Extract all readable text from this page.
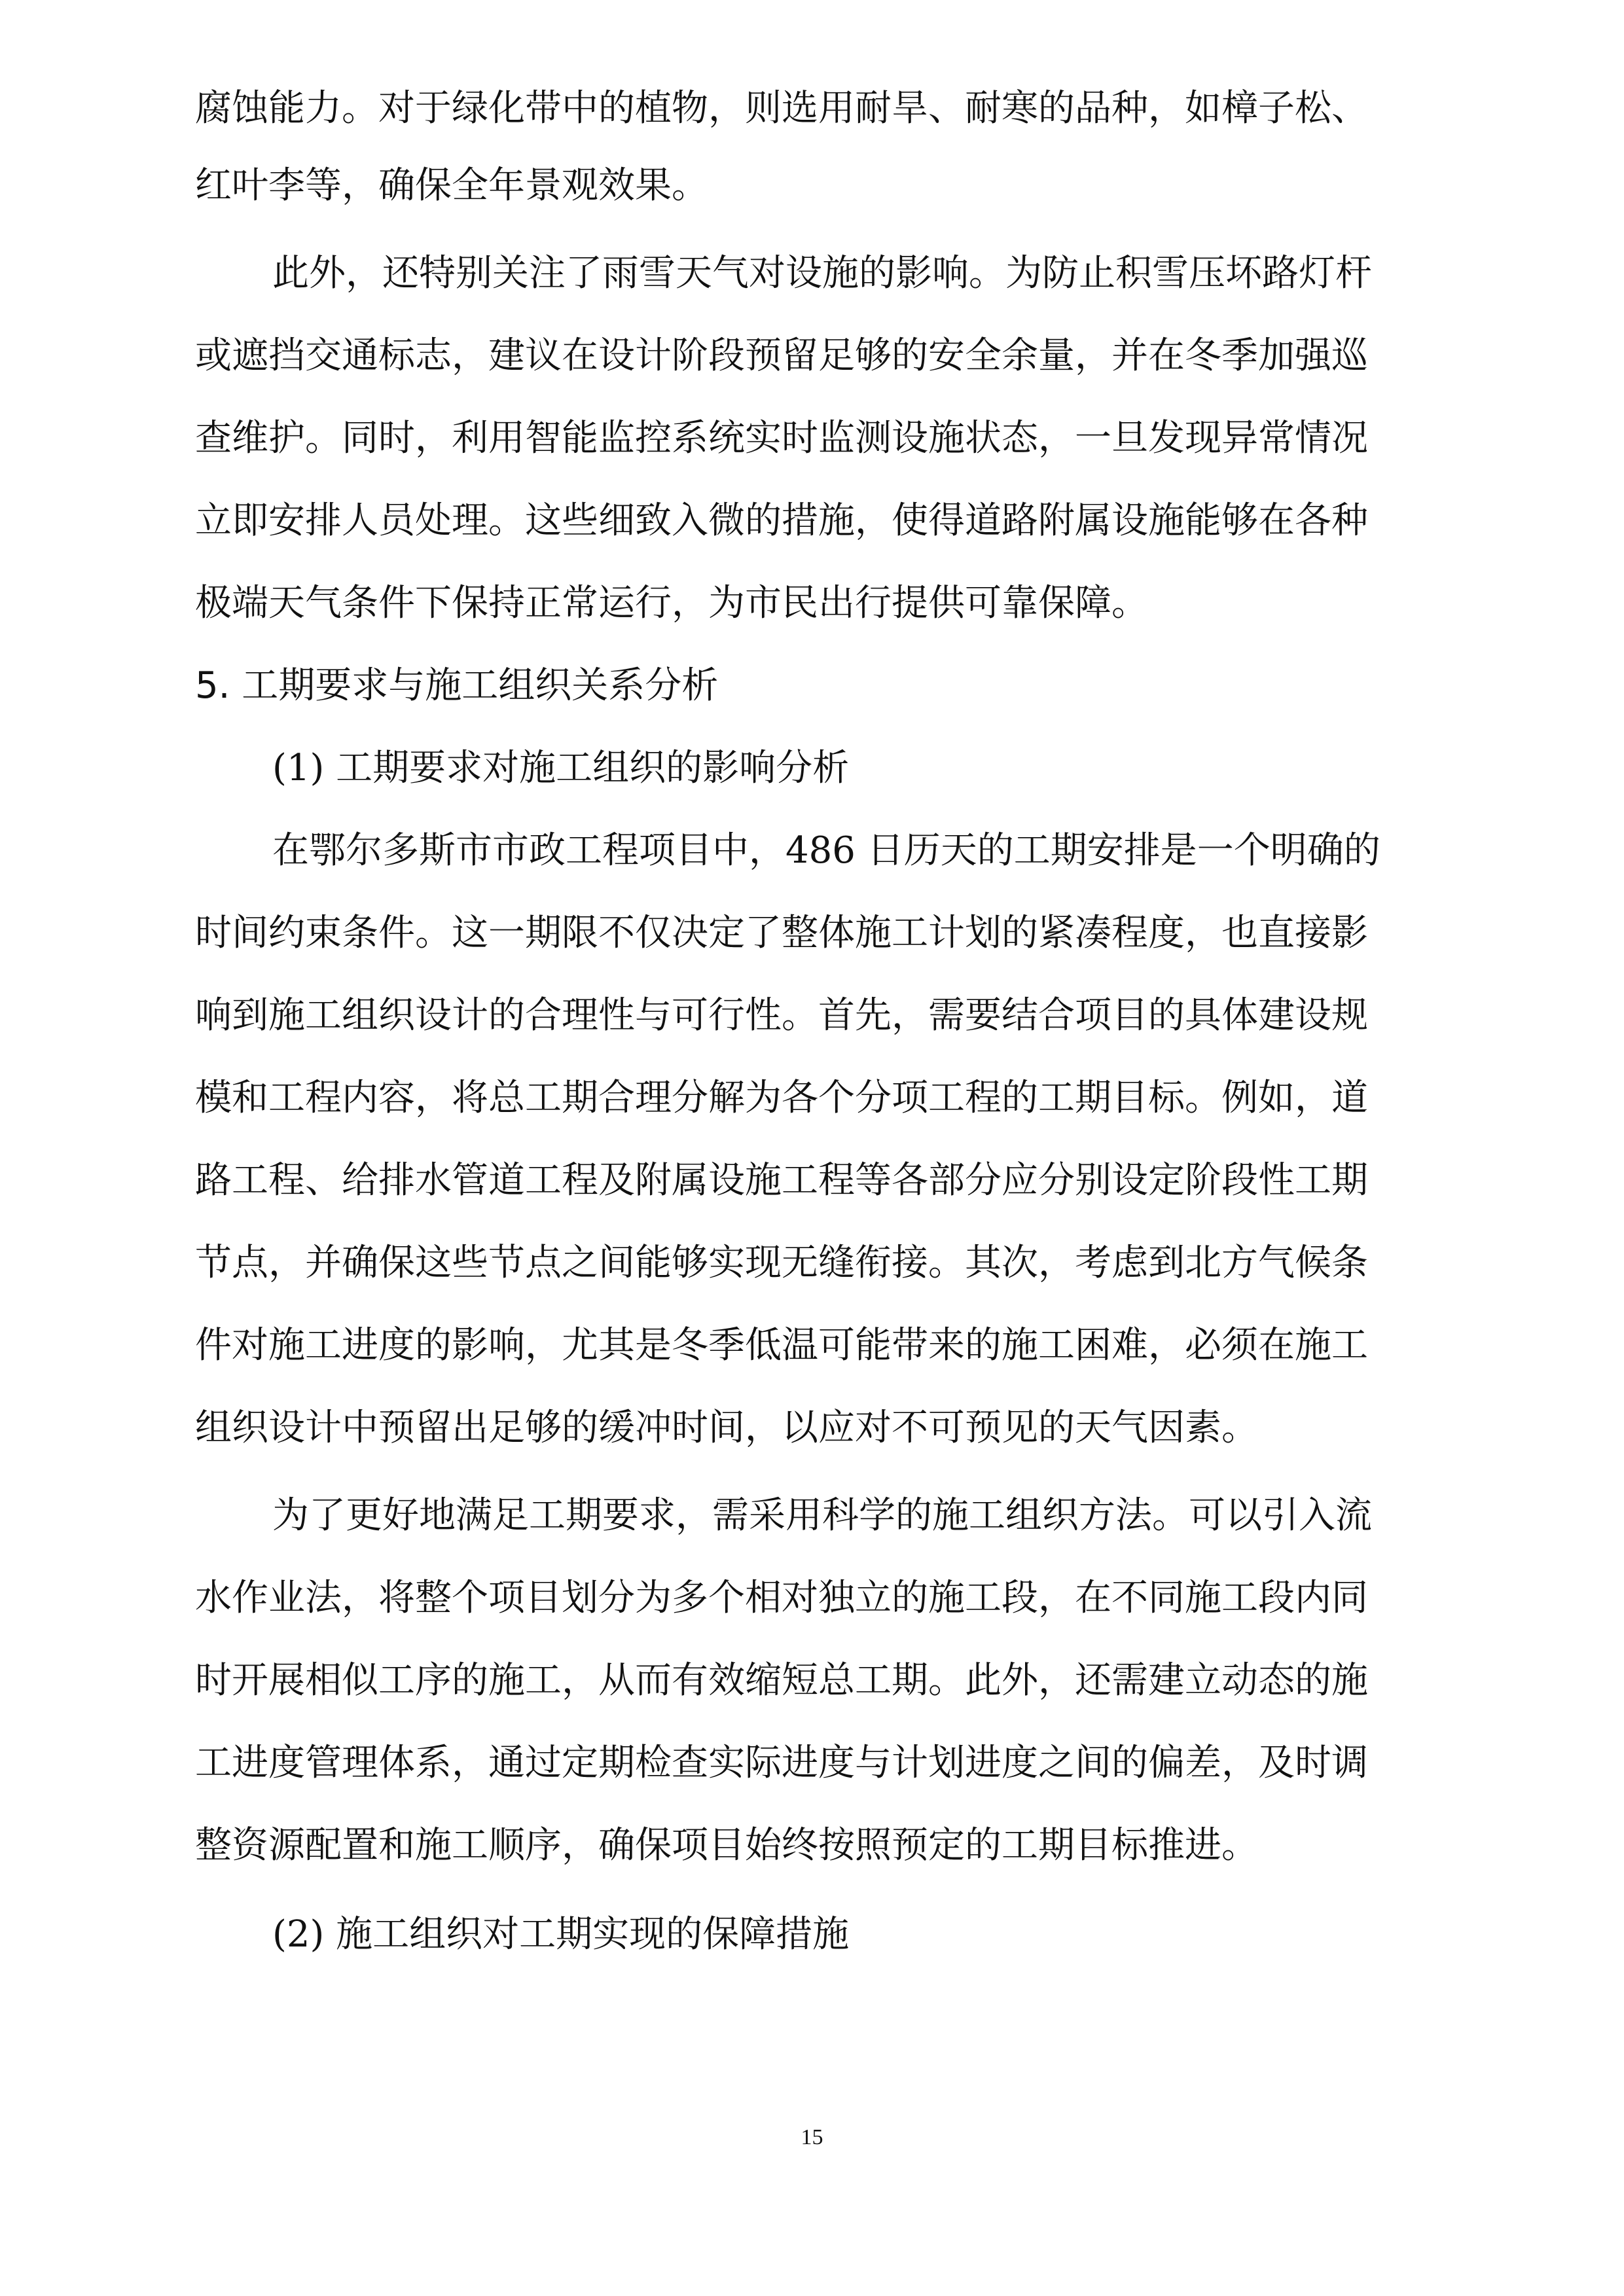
腐蚀能力。对于绿化带中的植物，则选用耐旱、耐寒的品种，如樟子松、
红叶李等，确保全年景观效果。
此外，还特别关注了雨雪天气对设施的影响。为防止积雪压坏路灯杆
或遮挡交通标志，建议在设计阶段预留足够的安全余量，并在冬季加强巡
查维护。同时，利用智能监控系统实时监测设施状态，一旦发现异常情况
立即安排人员处理。这些细致入微的措施，使得道路附属设施能够在各种
极端天气条件下保持正常运行，为市民出行提供可靠保障。
5. 工期要求与施工组织关系分析
(1) 工期要求对施工组织的影响分析
在鄂尔多斯市市政工程项目中，486 日历天的工期安排是一个明确的
时间约束条件。这一期限不仅决定了整体施工计划的紧凑程度，也直接影
响到施工组织设计的合理性与可行性。首先，需要结合项目的具体建设规
模和工程内容，将总工期合理分解为各个分项工程的工期目标。例如，道
路工程、给排水管道工程及附属设施工程等各部分应分别设定阶段性工期
节点，并确保这些节点之间能够实现无缝衔接。其次，考虑到北方气候条
件对施工进度的影响，尤其是冬季低温可能带来的施工困难，必须在施工
组织设计中预留出足够的缓冲时间，以应对不可预见的天气因素。
为了更好地满足工期要求，需采用科学的施工组织方法。可以引入流
水作业法，将整个项目划分为多个相对独立的施工段，在不同施工段内同
时开展相似工序的施工，从而有效缩短总工期。此外，还需建立动态的施
工进度管理体系，通过定期检查实际进度与计划进度之间的偏差，及时调
整资源配置和施工顺序，确保项目始终按照预定的工期目标推进。
(2) 施工组织对工期实现的保障措施
15
